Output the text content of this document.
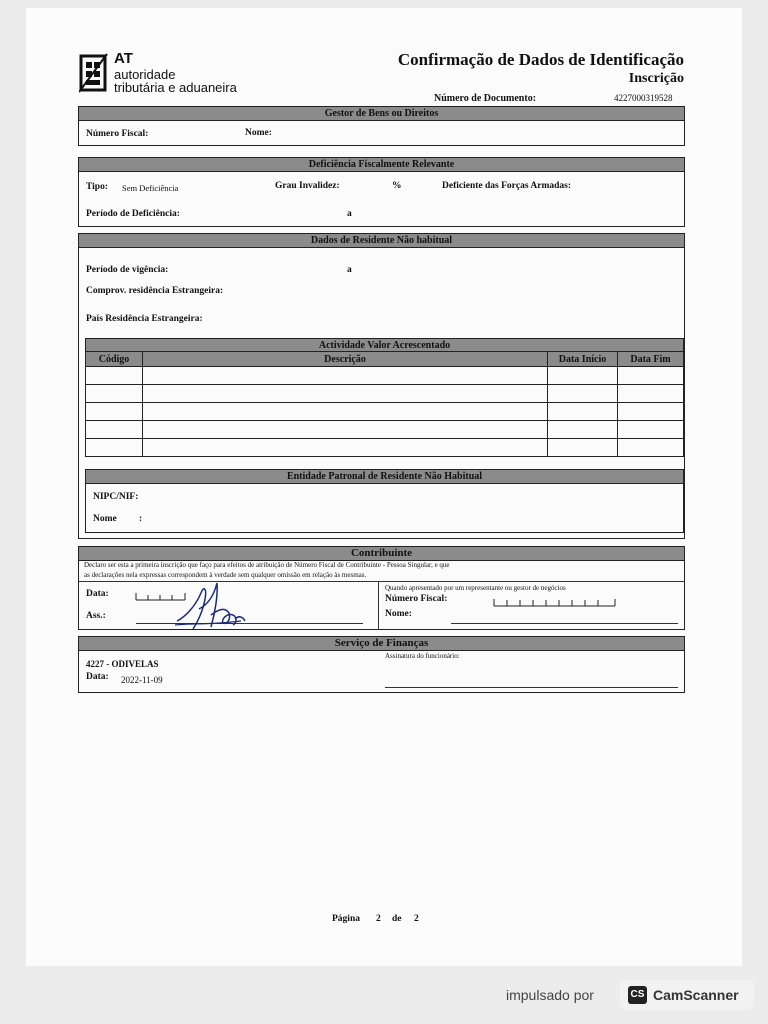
AT
autoridade
tributária e aduaneira
Confirmação de Dados de Identificação
Inscrição
Número de Documento:	4227000319528
Gestor de Bens ou Direitos
Número Fiscal:	Nome:
Deficiência Fiscalmente Relevante
Tipo: Sem Deficiência	Grau Invalidez:	%	Deficiente das Forças Armadas:
Período de Deficiência:	a
Dados de Residente Não habitual
Período de vigência:	a
Comprov. residência Estrangeira:
País Residência Estrangeira:
Actividade Valor Acrescentado
Código	Descrição	Data Início	Data Fim

Entidade Patronal de Residente Não Habitual
NIPC/NIF:
Nome :
Contribuinte
Declaro ser esta a primeira inscrição que faço para efeitos de atribuição de Número Fiscal de Contribuinte - Pessoa Singular, e que
as declarações nela expressas correspondem à verdade sem qualquer omissão em relação às mesmas.
Data:
Ass.:
Quando apresentado por um representante ou gestor de negócios
Número Fiscal:
Nome:
Serviço de Finanças
Assinatura do funcionário:
4227 - ODIVELAS
Data: 2022-11-09
Página 2 de 2
impulsado por	CS CamScanner
